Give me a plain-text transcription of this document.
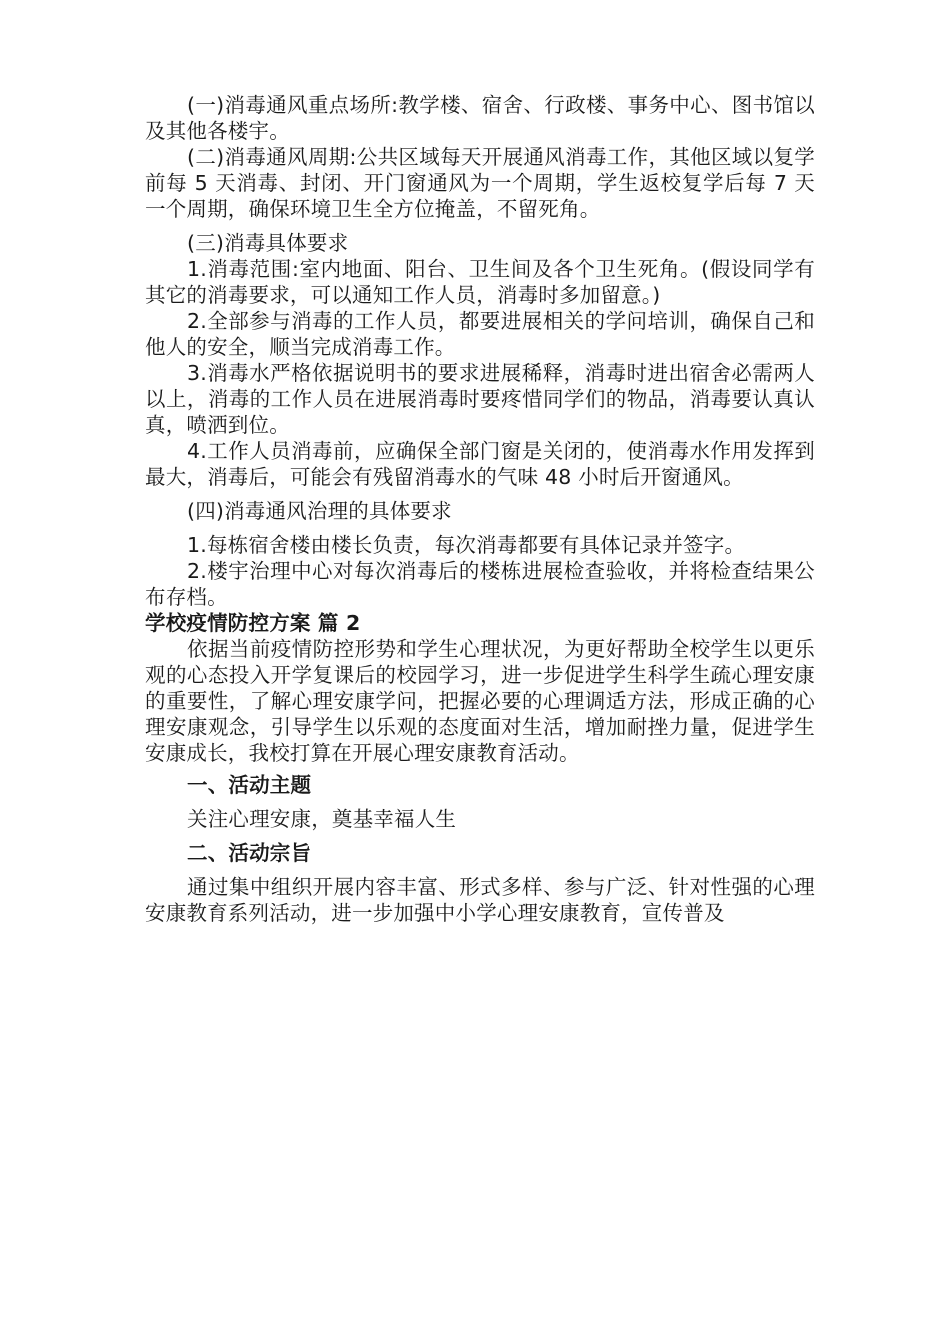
(一)消毒通风重点场所:教学楼、宿舍、行政楼、事务中心、图书馆以及其他各楼宇。

(二)消毒通风周期:公共区域每天开展通风消毒工作，其他区域以复学前每 5 天消毒、封闭、开门窗通风为一个周期，学生返校复学后每 7 天一个周期，确保环境卫生全方位掩盖，不留死角。

(三)消毒具体要求

1.消毒范围:室内地面、阳台、卫生间及各个卫生死角。(假设同学有其它的消毒要求，可以通知工作人员，消毒时多加留意。)

2.全部参与消毒的工作人员，都要进展相关的学问培训，确保自己和他人的安全，顺当完成消毒工作。

3.消毒水严格依据说明书的要求进展稀释，消毒时进出宿舍必需两人以上，消毒的工作人员在进展消毒时要疼惜同学们的物品，消毒要认真认真，喷洒到位。

4.工作人员消毒前，应确保全部门窗是关闭的，使消毒水作用发挥到最大，消毒后，可能会有残留消毒水的气味 48 小时后开窗通风。

(四)消毒通风治理的具体要求

1.每栋宿舍楼由楼长负责，每次消毒都要有具体记录并签字。

2.楼宇治理中心对每次消毒后的楼栋进展检查验收，并将检查结果公布存档。

学校疫情防控方案 篇 2

依据当前疫情防控形势和学生心理状况，为更好帮助全校学生以更乐观的心态投入开学复课后的校园学习，进一步促进学生科学生疏心理安康的重要性，了解心理安康学问，把握必要的心理调适方法，形成正确的心理安康观念，引导学生以乐观的态度面对生活，增加耐挫力量，促进学生安康成长，我校打算在开展心理安康教育活动。

一、活动主题

关注心理安康，奠基幸福人生

二、活动宗旨

通过集中组织开展内容丰富、形式多样、参与广泛、针对性强的心理安康教育系列活动，进一步加强中小学心理安康教育，宣传普及
